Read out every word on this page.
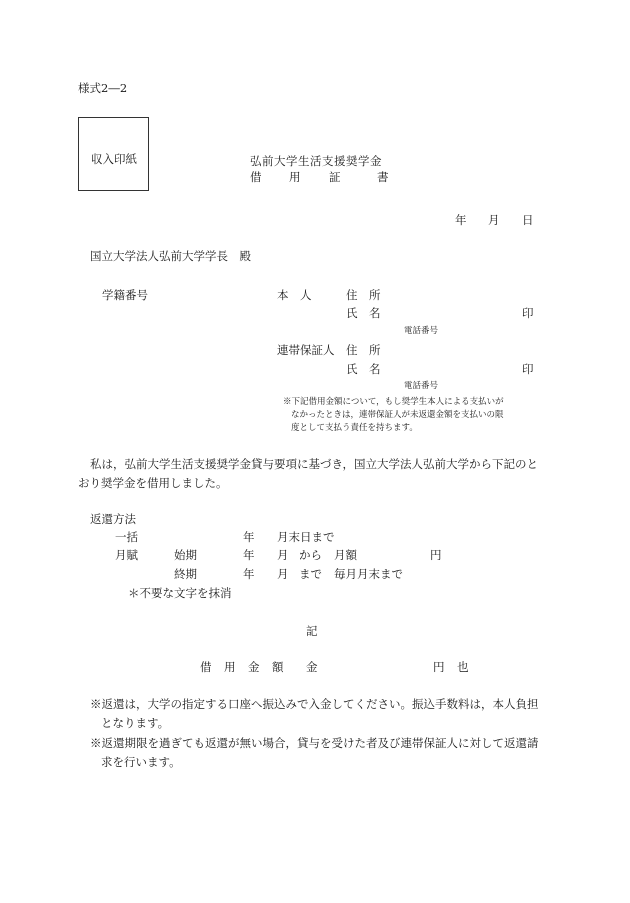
様式2―2
収入印紙	弘前大学生活支援奨学金
借 用 証	書
年 月 日
国立大学法人弘前大学学長　殿
学籍番号	本　人	住　所
氏　名	印
電話番号
連帯保証人 住　所
氏　名	印
電話番号
※下記借用金額について，もし奨学生本人による支払いが
なかったときは，連帯保証人が未返還金額を支払いの限
度として支払う責任を持ちます。
私は，弘前大学生活支援奨学金貸与要項に基づき，国立大学法人弘前大学から下記のと
おり奨学金を借用しました。
返還方法
一括	年 月末日まで
月賦	始期	年 月 から 月額	円
終期	年 月 まで 毎月月末まで
＊不要な文字を抹消
記
借 用 金 額 金	円 也
※返還は，大学の指定する口座へ振込みで入金してください。振込手数料は，本人負担
となります。
※返還期限を過ぎても返還が無い場合，貸与を受けた者及び連帯保証人に対して返還請
求を行います。
